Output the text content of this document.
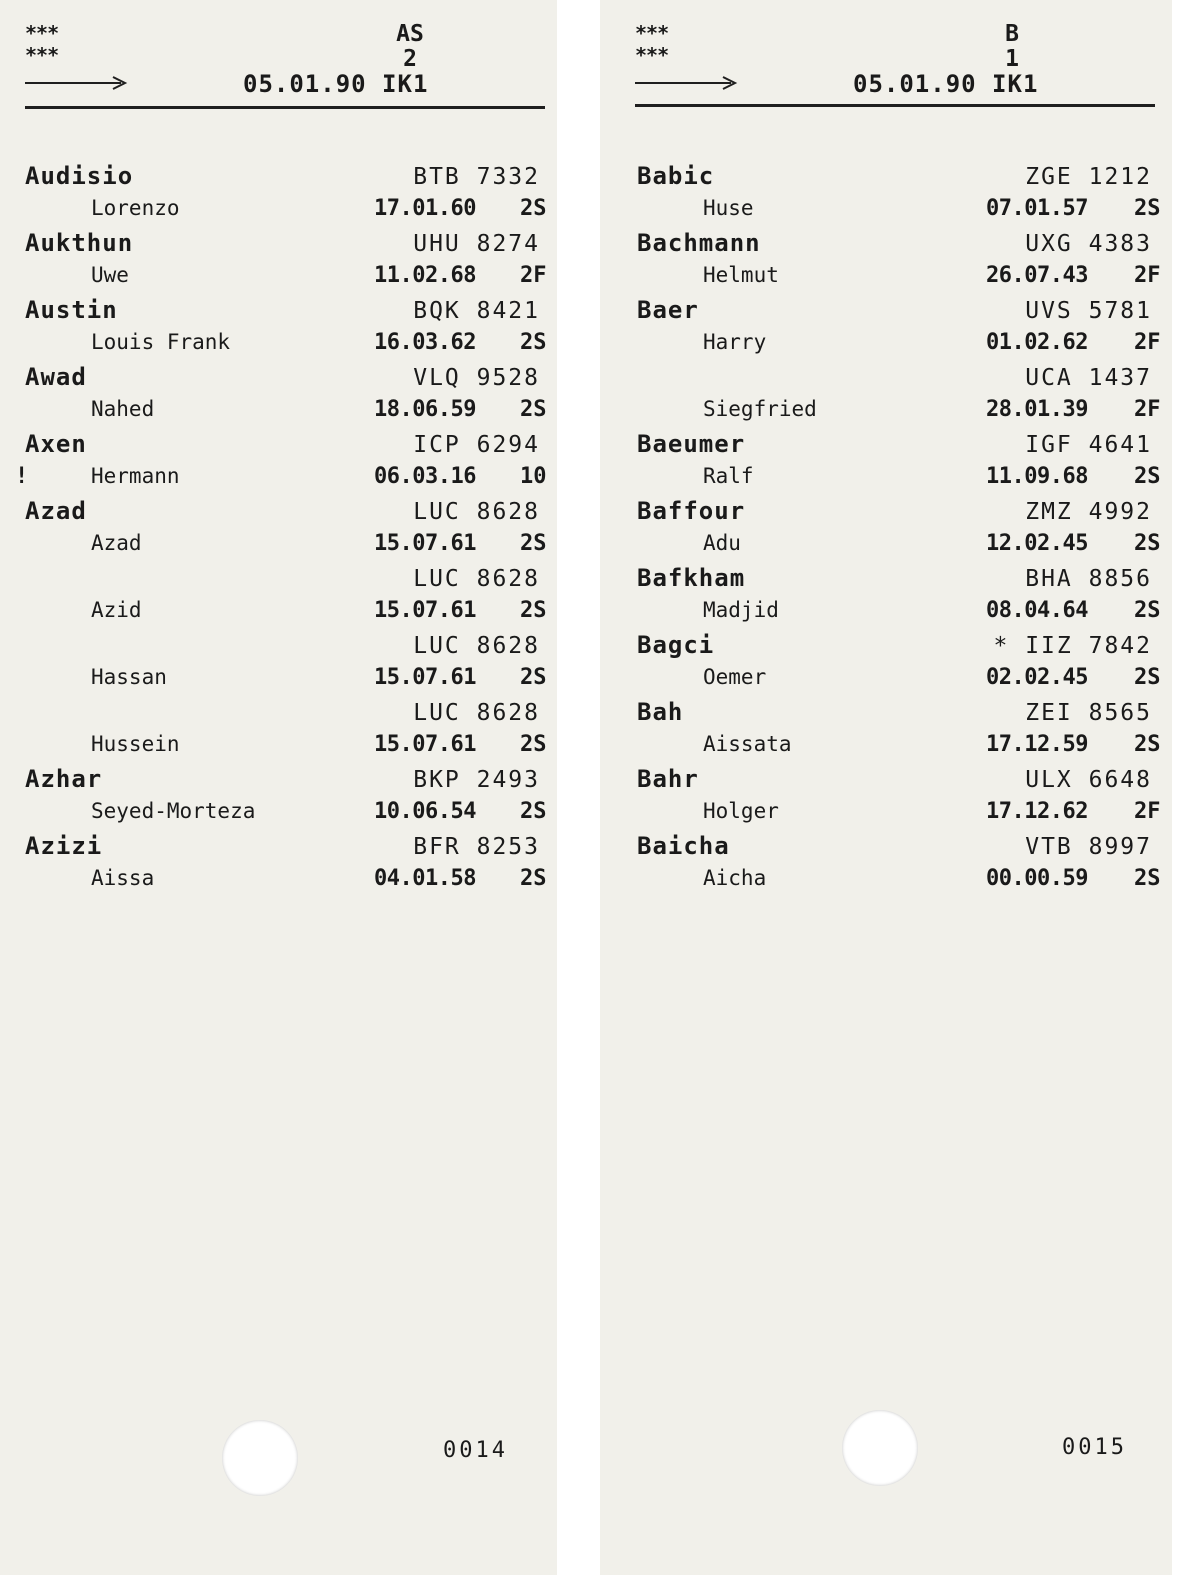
***
***
AS
2
05.01.90 IK1
Audisio	BTB 7332
Lorenzo	17.01.60 2S
Aukthun	UHU 8274
Uwe	11.02.68 2F
Austin	BQK 8421
Louis Frank	16.03.62 2S
Awad	VLQ 9528
Nahed	18.06.59 2S
Axen	ICP 6294
Hermann	06.03.16 10
!
Azad	LUC 8628
Azad	15.07.61 2S
LUC 8628
Azid	15.07.61 2S
LUC 8628
Hassan	15.07.61 2S
LUC 8628
Hussein	15.07.61 2S
Azhar	BKP 2493
Seyed-Morteza	10.06.54 2S
Azizi	BFR 8253
Aissa	04.01.58 2S
0014
***
***
B
1
05.01.90 IK1
Babic	ZGE 1212
Huse	07.01.57 2S
Bachmann	UXG 4383
Helmut	26.07.43 2F
Baer	UVS 5781
Harry	01.02.62 2F
UCA 1437
Siegfried	28.01.39 2F
Baeumer	IGF 4641
Ralf	11.09.68 2S
Baffour	ZMZ 4992
Adu	12.02.45 2S
Bafkham	BHA 8856
Madjid	08.04.64 2S
Bagci	* IIZ 7842
Oemer	02.02.45 2S
Bah	ZEI 8565
Aissata	17.12.59 2S
Bahr	ULX 6648
Holger	17.12.62 2F
Baicha	VTB 8997
Aicha	00.00.59 2S
0015
